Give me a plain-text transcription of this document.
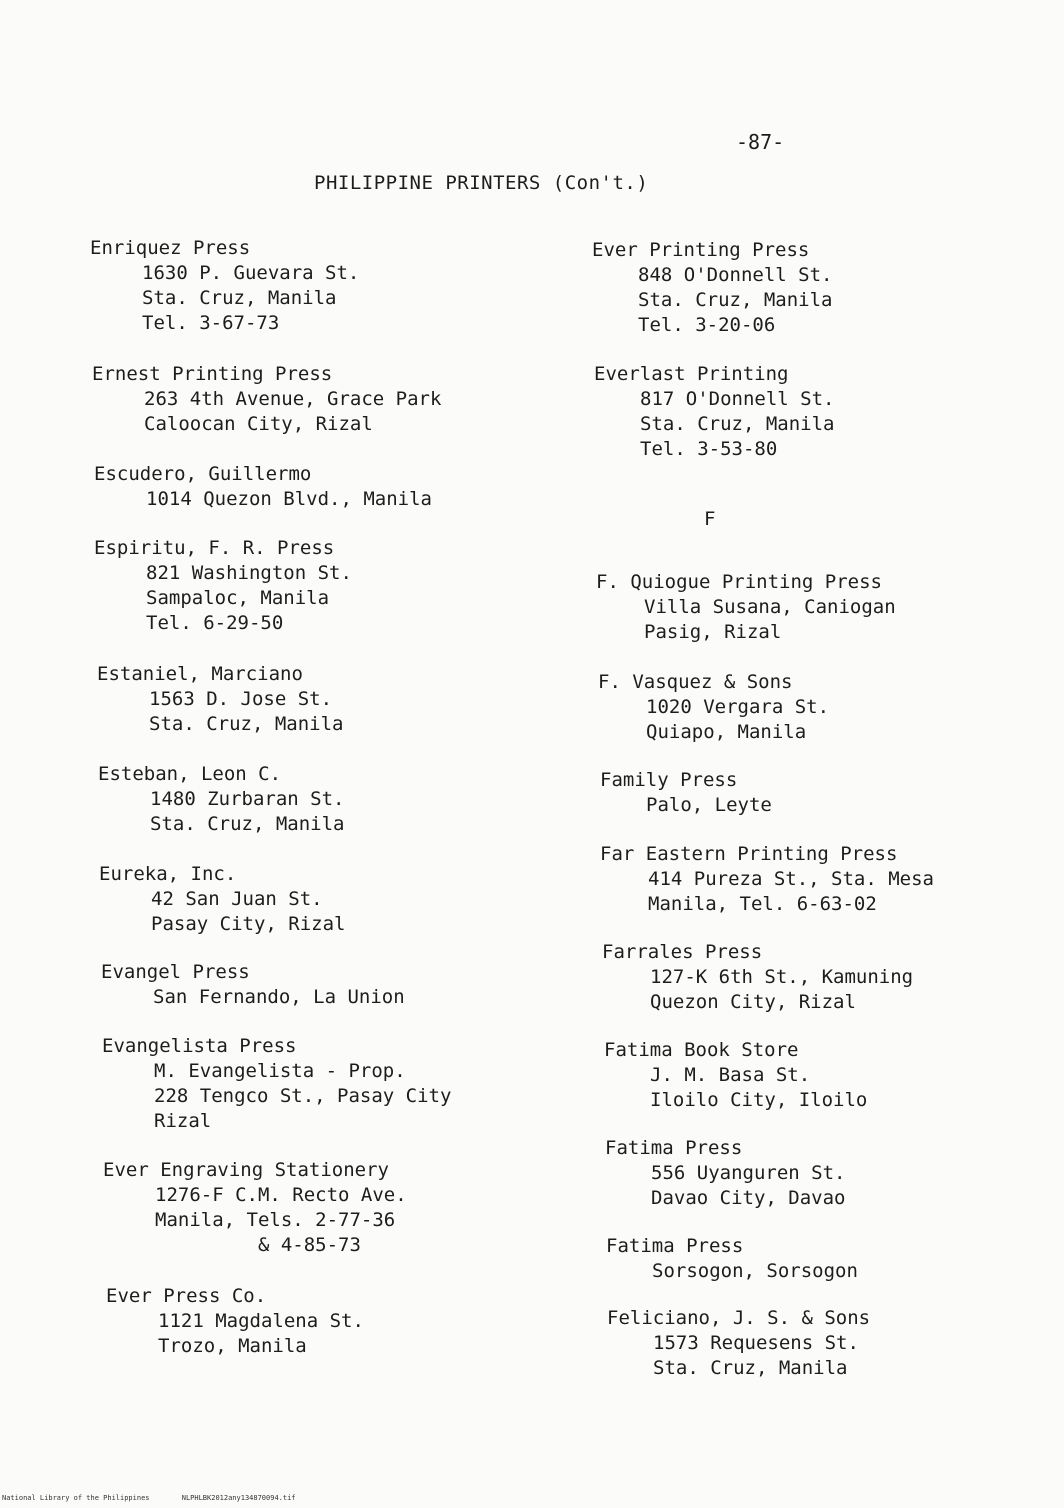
-87-
PHILIPPINE PRINTERS (Con't.)
Enriquez Press
1630 P. Guevara St.
Sta. Cruz, Manila
Tel. 3-67-73
Ernest Printing Press
263 4th Avenue, Grace Park
Caloocan City, Rizal
Escudero, Guillermo
1014 Quezon Blvd., Manila
Espiritu, F. R. Press
821 Washington St.
Sampaloc, Manila
Tel. 6-29-50
Estaniel, Marciano
1563 D. Jose St.
Sta. Cruz, Manila
Esteban, Leon C.
1480 Zurbaran St.
Sta. Cruz, Manila
Eureka, Inc.
42 San Juan St.
Pasay City, Rizal
Evangel Press
San Fernando, La Union
Evangelista Press
M. Evangelista - Prop.
228 Tengco St., Pasay City
Rizal
Ever Engraving Stationery
1276-F C.M. Recto Ave.
Manila, Tels. 2-77-36
& 4-85-73
Ever Press Co.
1121 Magdalena St.
Trozo, Manila
Ever Printing Press
848 O'Donnell St.
Sta. Cruz, Manila
Tel. 3-20-06
Everlast Printing
817 O'Donnell St.
Sta. Cruz, Manila
Tel. 3-53-80
F
F. Quiogue Printing Press
Villa Susana, Caniogan
Pasig, Rizal
F. Vasquez & Sons
1020 Vergara St.
Quiapo, Manila
Family Press
Palo, Leyte
Far Eastern Printing Press
414 Pureza St., Sta. Mesa
Manila, Tel. 6-63-02
Farrales Press
127-K 6th St., Kamuning
Quezon City, Rizal
Fatima Book Store
J. M. Basa St.
Iloilo City, Iloilo
Fatima Press
556 Uyanguren St.
Davao City, Davao
Fatima Press
Sorsogon, Sorsogon
Feliciano, J. S. & Sons
1573 Requesens St.
Sta. Cruz, Manila
National Library of the Philippines	NLPHLBK2012any134870094.tif
